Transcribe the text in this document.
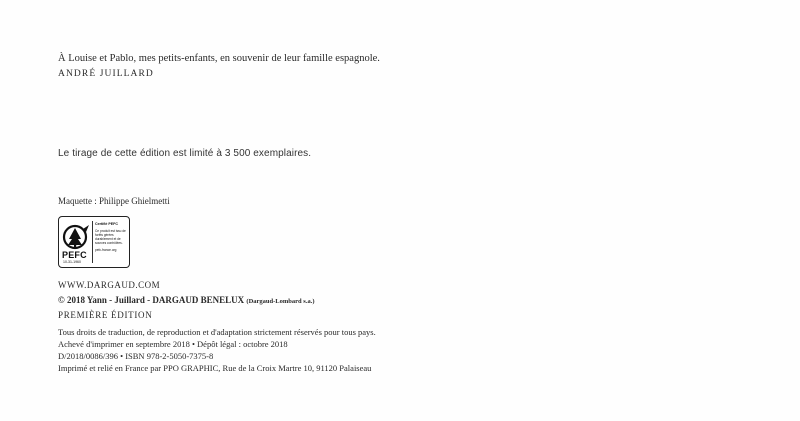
À Louise et Pablo, mes petits-enfants, en souvenir de leur famille espagnole.
ANDRÉ JUILLARD
Le tirage de cette édition est limité à 3 500 exemplaires.
Maquette : Philippe Ghielmetti
PEFC
10-31-1960
Certifié PEFC
Ce produit est issu de forêts gérées durablement et de sources contrôlées.
pefc-france.org
WWW.DARGAUD.COM
© 2018 Yann - Juillard - DARGAUD BENELUX (Dargaud-Lombard s.a.)
PREMIÈRE ÉDITION
Tous droits de traduction, de reproduction et d'adaptation strictement réservés pour tous pays.
Achevé d'imprimer en septembre 2018 • Dépôt légal : octobre 2018
D/2018/0086/396 • ISBN 978-2-5050-7375-8
Imprimé et relié en France par PPO GRAPHIC, Rue de la Croix Martre 10, 91120 Palaiseau
